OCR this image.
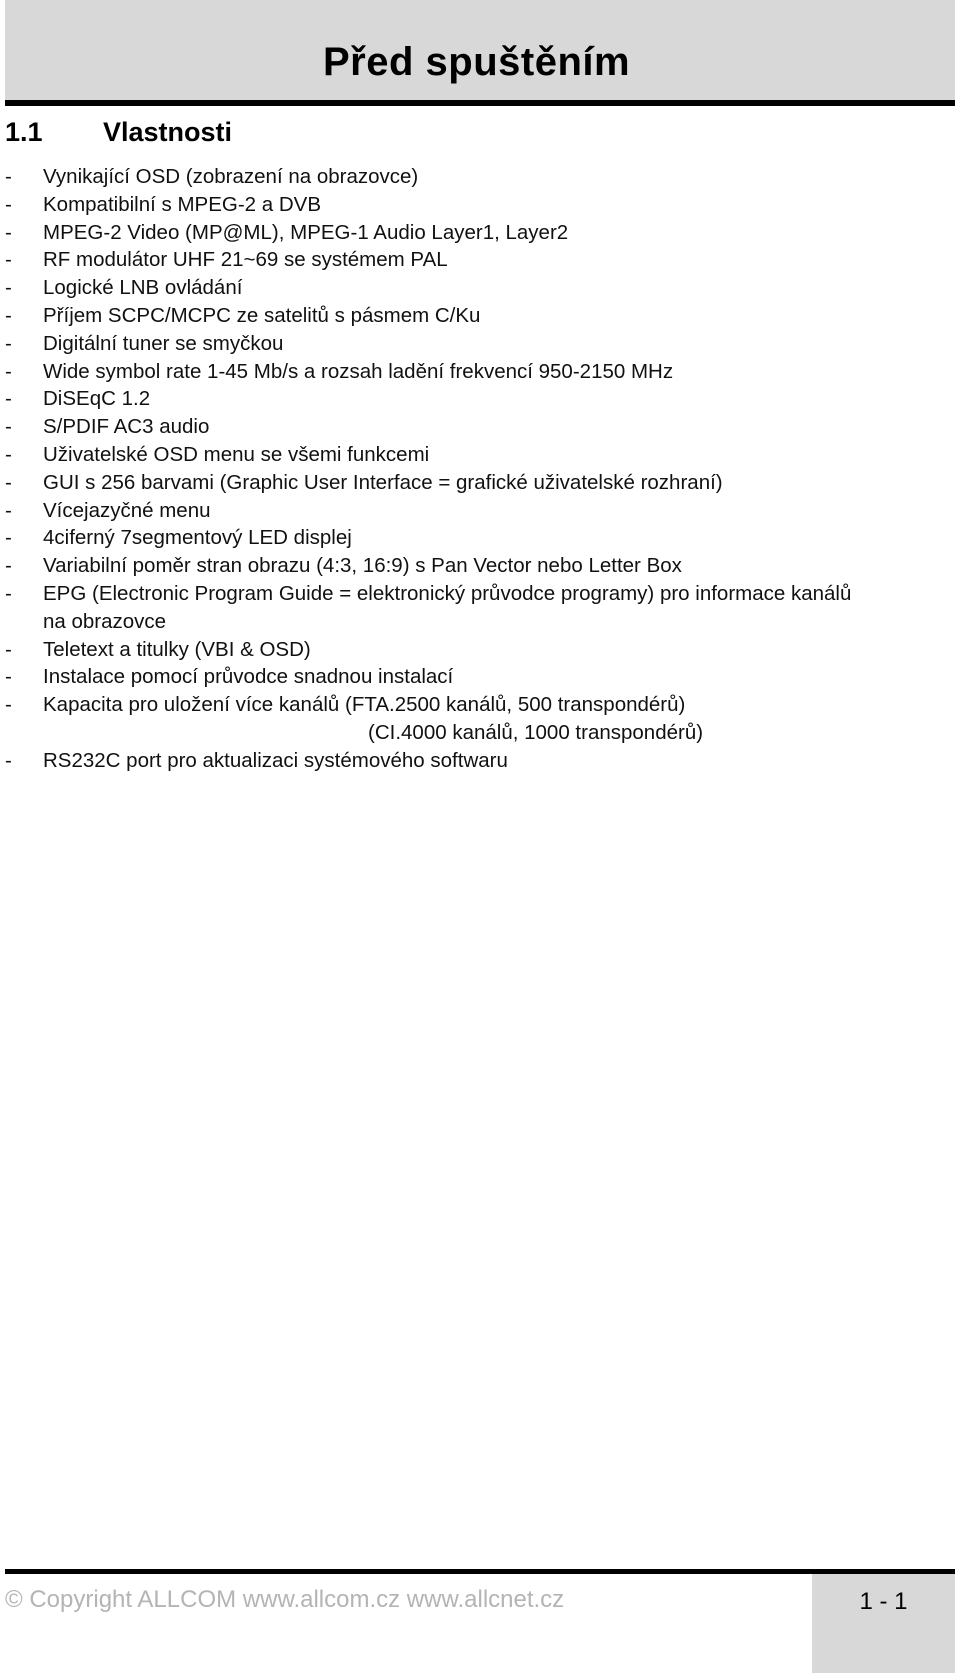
Před spuštěním
1.1 Vlastnosti
- Vynikající OSD (zobrazení na obrazovce)
- Kompatibilní s MPEG-2 a DVB
- MPEG-2 Video (MP@ML), MPEG-1 Audio Layer1, Layer2
- RF modulátor UHF 21~69 se systémem PAL
- Logické LNB ovládání
- Příjem SCPC/MCPC ze satelitů s pásmem C/Ku
- Digitální tuner se smyčkou
- Wide symbol rate 1-45 Mb/s a rozsah ladění frekvencí 950-2150 MHz
- DiSEqC 1.2
- S/PDIF AC3 audio
- Uživatelské OSD menu se všemi funkcemi
- GUI s 256 barvami (Graphic User Interface = grafické uživatelské rozhraní)
- Vícejazyčné menu
- 4ciferný 7segmentový LED displej
- Variabilní poměr stran obrazu (4:3, 16:9) s Pan Vector nebo Letter Box
- EPG (Electronic Program Guide = elektronický průvodce programy) pro informace kanálů
na obrazovce
- Teletext a titulky (VBI & OSD)
- Instalace pomocí průvodce snadnou instalací
- Kapacita pro uložení více kanálů (FTA.2500 kanálů, 500 transpondérů)
(CI.4000 kanálů, 1000 transpondérů)
- RS232C port pro aktualizaci systémového softwaru
© Copyright ALLCOM www.allcom.cz www.allcnet.cz	1 - 1
